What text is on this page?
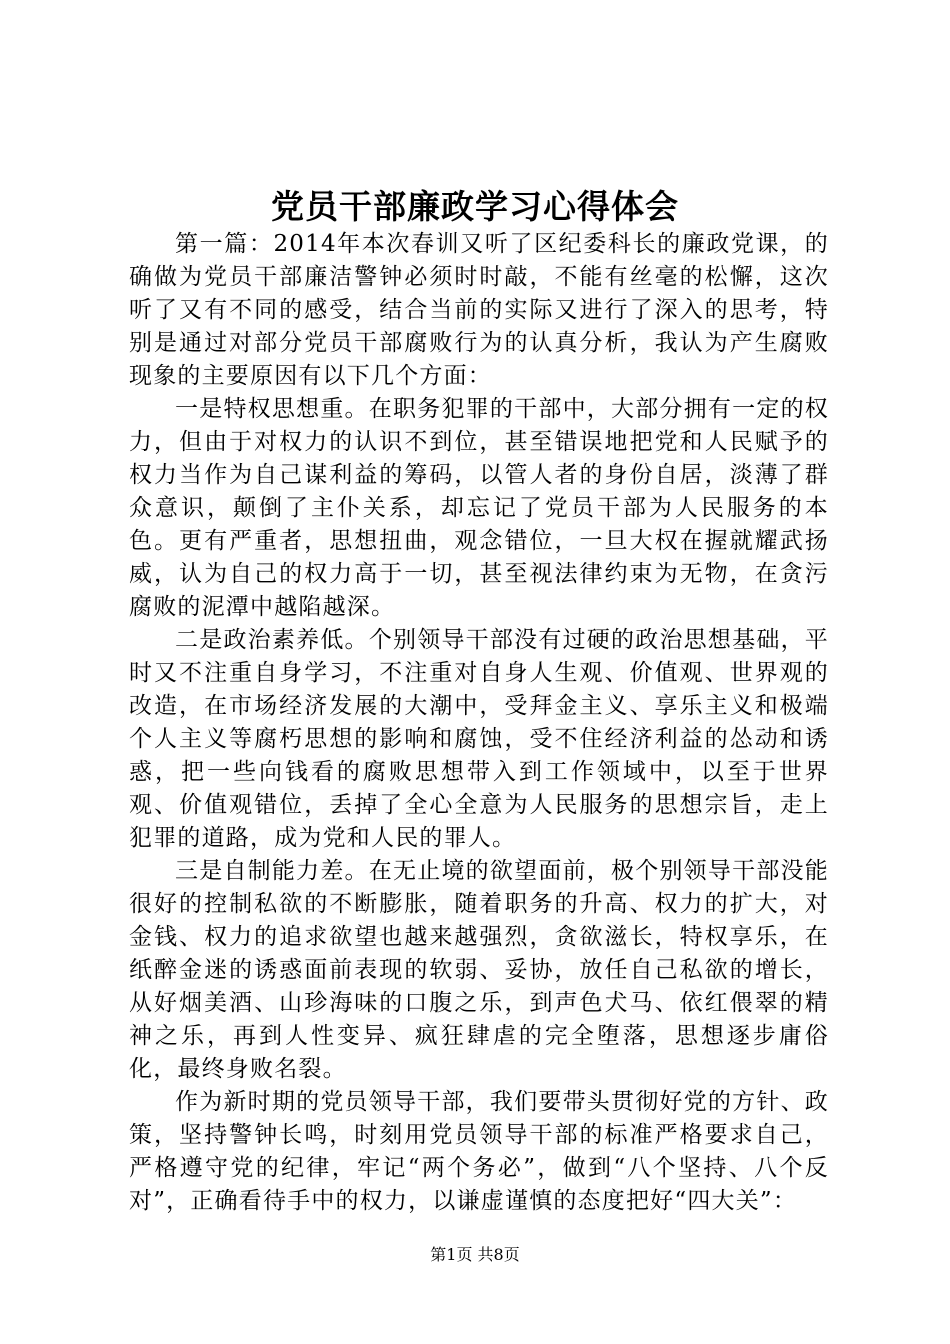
党员干部廉政学习心得体会

第一篇：2014年本次春训又听了区纪委科长的廉政党课，的确做为党员干部廉洁警钟必须时时敲，不能有丝毫的松懈，这次听了又有不同的感受，结合当前的实际又进行了深入的思考，特别是通过对部分党员干部腐败行为的认真分析，我认为产生腐败现象的主要原因有以下几个方面：

一是特权思想重。在职务犯罪的干部中，大部分拥有一定的权力，但由于对权力的认识不到位，甚至错误地把党和人民赋予的权力当作为自己谋利益的筹码，以管人者的身份自居，淡薄了群众意识，颠倒了主仆关系，却忘记了党员干部为人民服务的本色。更有严重者，思想扭曲，观念错位，一旦大权在握就耀武扬威，认为自己的权力高于一切，甚至视法律约束为无物，在贪污腐败的泥潭中越陷越深。

二是政治素养低。个别领导干部没有过硬的政治思想基础，平时又不注重自身学习，不注重对自身人生观、价值观、世界观的改造，在市场经济发展的大潮中，受拜金主义、享乐主义和极端个人主义等腐朽思想的影响和腐蚀，受不住经济利益的怂动和诱惑，把一些向钱看的腐败思想带入到工作领域中，以至于世界观、价值观错位，丢掉了全心全意为人民服务的思想宗旨，走上犯罪的道路，成为党和人民的罪人。

三是自制能力差。在无止境的欲望面前，极个别领导干部没能很好的控制私欲的不断膨胀，随着职务的升高、权力的扩大，对金钱、权力的追求欲望也越来越强烈，贪欲滋长，特权享乐，在纸醉金迷的诱惑面前表现的软弱、妥协，放任自己私欲的增长，从好烟美酒、山珍海味的口腹之乐，到声色犬马、依红偎翠的精神之乐，再到人性变异、疯狂肆虐的完全堕落，思想逐步庸俗化，最终身败名裂。

作为新时期的党员领导干部，我们要带头贯彻好党的方针、政策，坚持警钟长鸣，时刻用党员领导干部的标准严格要求自己，严格遵守党的纪律，牢记“两个务必”，做到“八个坚持、八个反对”，正确看待手中的权力，以谦虚谨慎的态度把好“四大关”：

第1页 共8页
